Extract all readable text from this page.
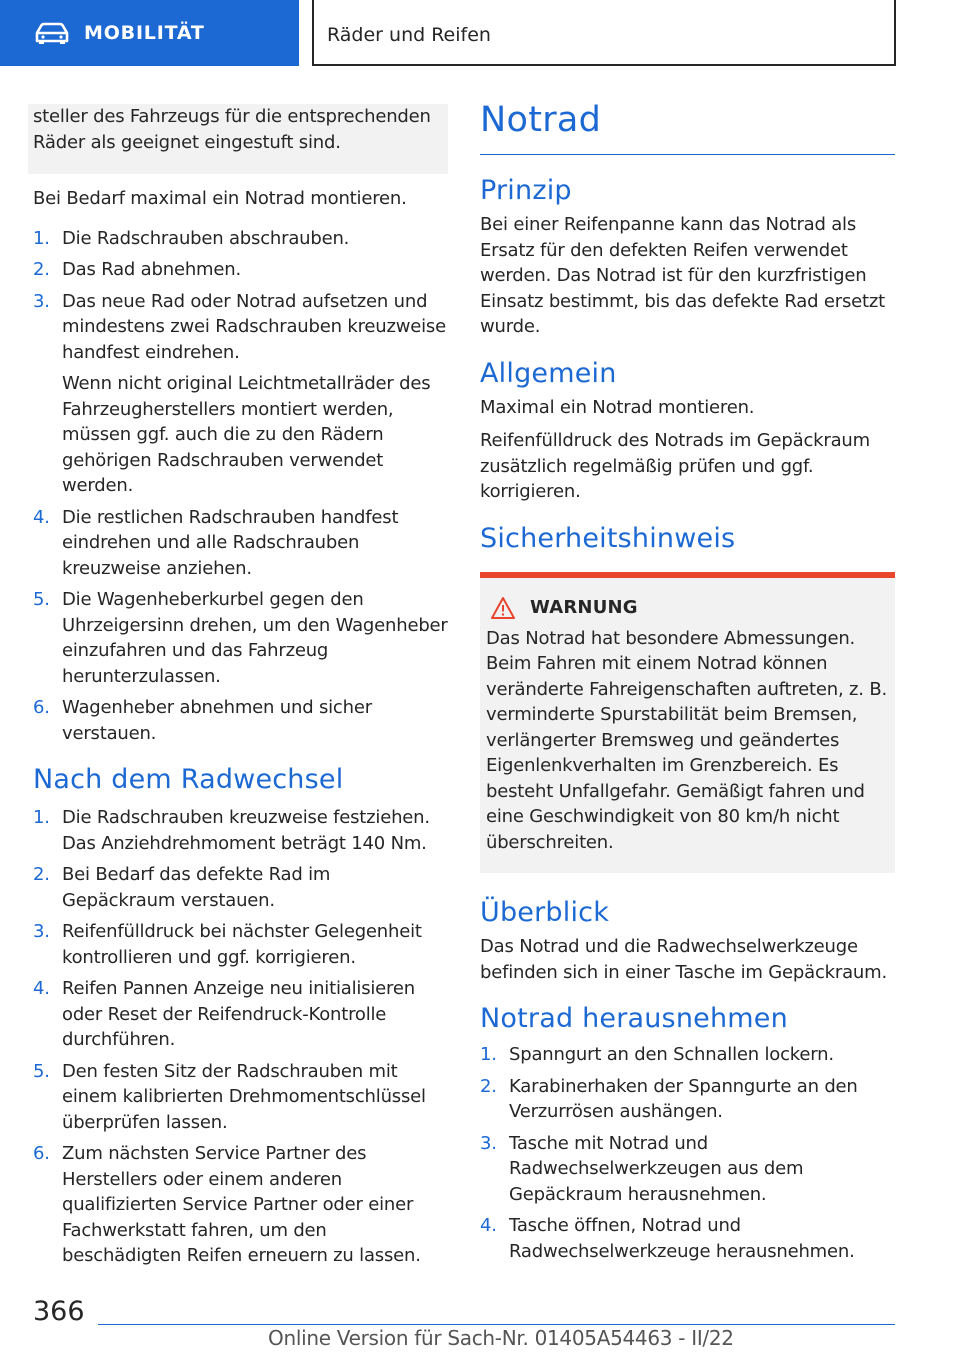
MOBILITÄT	Räder und Reifen

steller des Fahrzeugs für die entsprechenden Räder als geeignet eingestuft sind.

Bei Bedarf maximal ein Notrad montieren.

1. Die Radschrauben abschrauben.
2. Das Rad abnehmen.
3. Das neue Rad oder Notrad aufsetzen und mindestens zwei Radschrauben kreuzweise handfest eindrehen.
Wenn nicht original Leichtmetallräder des Fahrzeugherstellers montiert werden, müssen ggf. auch die zu den Rädern gehörigen Radschrauben verwendet werden.
4. Die restlichen Radschrauben handfest eindrehen und alle Radschrauben kreuzweise anziehen.
5. Die Wagenheberkurbel gegen den Uhrzeigersinn drehen, um den Wagenheber einzufahren und das Fahrzeug herunterzulassen.
6. Wagenheber abnehmen und sicher verstauen.
Nach dem Radwechsel
1. Die Radschrauben kreuzweise festziehen. Das Anziehdrehmoment beträgt 140 Nm.
2. Bei Bedarf das defekte Rad im Gepäckraum verstauen.
3. Reifenfülldruck bei nächster Gelegenheit kontrollieren und ggf. korrigieren.
4. Reifen Pannen Anzeige neu initialisieren oder Reset der Reifendruck-Kontrolle durchführen.
5. Den festen Sitz der Radschrauben mit einem kalibrierten Drehmomentschlüssel überprüfen lassen.
6. Zum nächsten Service Partner des Herstellers oder einem anderen qualifizierten Service Partner oder einer Fachwerkstatt fahren, um den beschädigten Reifen erneuern zu lassen.
Notrad
Prinzip

Bei einer Reifenpanne kann das Notrad als Ersatz für den defekten Reifen verwendet werden. Das Notrad ist für den kurzfristigen Einsatz bestimmt, bis das defekte Rad ersetzt wurde.

Allgemein

Maximal ein Notrad montieren.

Reifenfülldruck des Notrads im Gepäckraum zusätzlich regelmäßig prüfen und ggf. korrigieren.

Sicherheitshinweis
WARNUNG

Das Notrad hat besondere Abmessungen. Beim Fahren mit einem Notrad können veränderte Fahreigenschaften auftreten, z. B. verminderte Spurstabilität beim Bremsen, verlängerter Bremsweg und geändertes Eigenlenkverhalten im Grenzbereich. Es besteht Unfallgefahr. Gemäßigt fahren und eine Geschwindigkeit von 80 km/h nicht überschreiten.

Überblick

Das Notrad und die Radwechselwerkzeuge befinden sich in einer Tasche im Gepäckraum.

Notrad herausnehmen
1. Spanngurt an den Schnallen lockern.
2. Karabinerhaken der Spanngurte an den Verzurrösen aushängen.
3. Tasche mit Notrad und Radwechselwerkzeugen aus dem Gepäckraum herausnehmen.
4. Tasche öffnen, Notrad und Radwechselwerkzeuge herausnehmen.
366
Online Version für Sach-Nr. 01405A54463 - II/22
